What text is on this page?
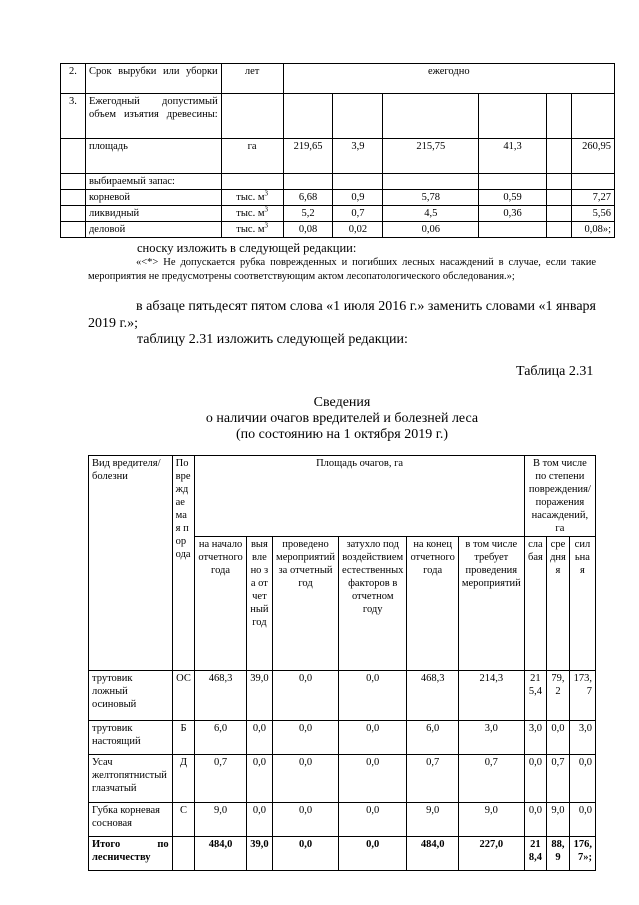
2.	Срок вырубки или уборки	лет	ежегодно					
3.	Ежегодный допустимый объем изъятия древесины:							
	площадь	га	219,65	3,9	215,75	41,3		260,95
	выбираемый запас:							
	корневой	тыс. $м^3$	6,68	0,9	5,78	0,59		7,27
	ликвидный	тыс. $м^3$	5,2	0,7	4,5	0,36		5,56
	деловой	тыс. $м^3$	0,08	0,02	0,06			0,08»;
сноску изложить в следующей редакции:
«<*> Не допускается рубка поврежденных и погибших лесных насаждений в случае, если такие мероприятия не предусмотрены соответствующим актом лесопатологического обследования.»;
в абзаце пятьдесят пятом слова «1 июля 2016 г.» заменить словами «1 января 2019 г.»;
таблицу 2.31 изложить следующей редакции:
Таблица 2.31
Сведения
о наличии очагов вредителей и болезней леса
(по состоянию на 1 октября 2019 г.)
Вид вредителя/ болезни	Повреждаемая порода	Площадь очагов, га						В том числе по степени повреждения/поражения насаждений, га		
		на начало отчетного года	выявлено за отчетный год	проведено мероприятий за отчетный год	затухло под воздействием естественных факторов в отчетном году	на конец отчетного года	в том числе требует проведения мероприятий	слабая	средняя	сильная
трутовик ложный осиновый	ОС	468,3	39,0	0,0	0,0	468,3	214,3	215,4	79,2	173,7
трутовик настоящий	Б	6,0	0,0	0,0	0,0	6,0	3,0	3,0	0,0	3,0
Усач желтопятнистый глазчатый	Д	0,7	0,0	0,0	0,0	0,7	0,7	0,0	0,7	0,0
Губка корневая сосновая	С	9,0	0,0	0,0	0,0	9,0	9,0	0,0	9,0	0,0
Итого по лесничеству		484,0	39,0	0,0	0,0	484,0	227,0	218,4	88,9	176,7»;
